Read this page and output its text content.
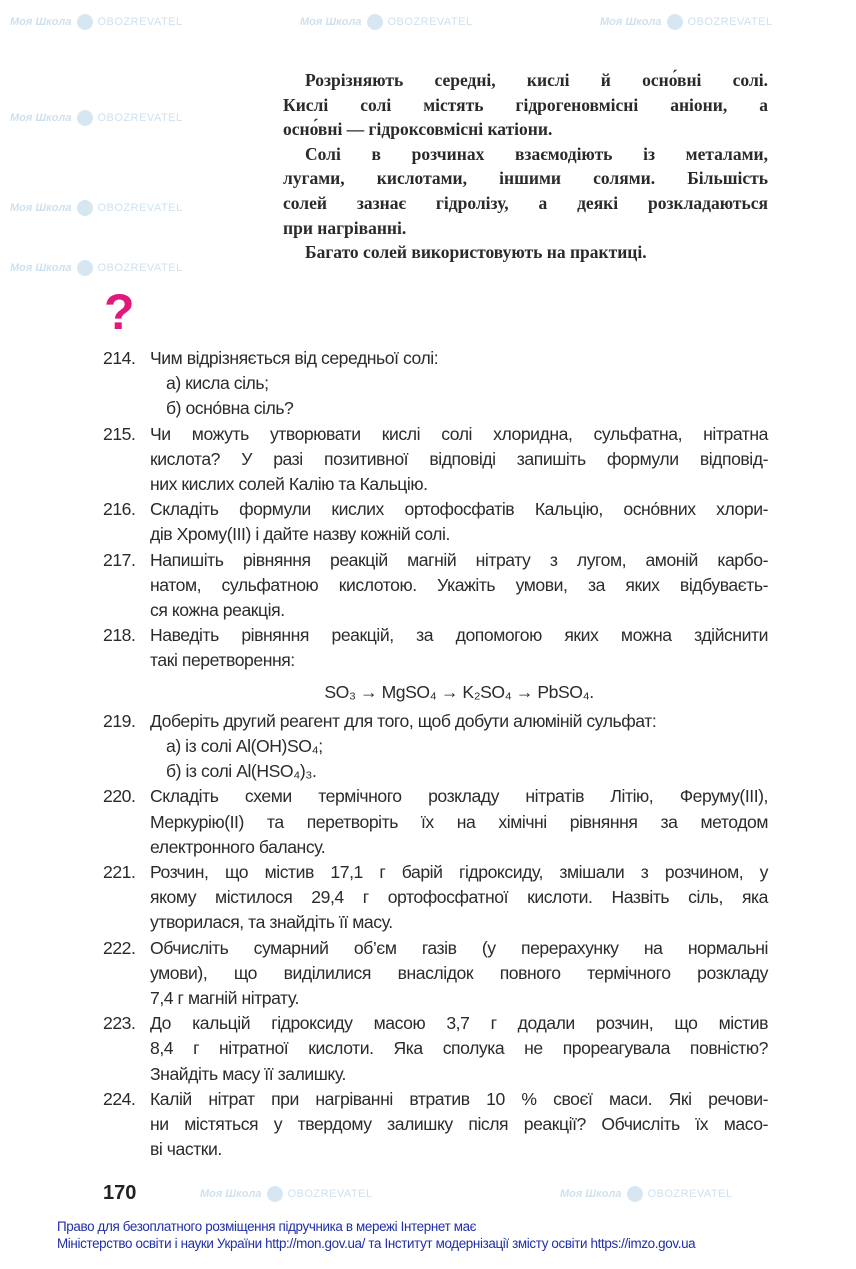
Моя Школа OBOZREVATEL	Моя Школа OBOZREVATEL	Моя Школа OBOZREVATEL
Моя Школа OBOZREVATEL
Моя Школа OBOZREVATEL
Моя Школа OBOZREVATEL
Моя Школа OBOZREVATEL	Моя Школа OBOZREVATEL
Розрізняють середні, кислі й осно́вні солі.
Кислі солі містять гідрогеновмісні аніони, а
осно́вні — гідроксовмісні катіони.
Солі в розчинах взаємодіють із металами,
лугами, кислотами, іншими солями. Більшість
солей зазнає гідролізу, а деякі розкладаються
при нагріванні.
Багато солей використовують на практиці.
?
214. Чим відрізняється від середньої солі:
а) кисла сіль;
б) осно́вна сіль?
215. Чи можуть утворювати кислі солі хлоридна, сульфатна, нітратна
кислота? У разі позитивної відповіді запишіть формули відповід-
них кислих солей Калію та Кальцію.
216. Складіть формули кислих ортофосфатів Кальцію, осно́вних хлори-
дів Хрому(III) і дайте назву кожній солі.
217. Напишіть рівняння реакцій магній нітрату з лугом, амоній карбо-
натом, сульфатною кислотою. Укажіть умови, за яких відбуваєть-
ся кожна реакція.
218. Наведіть рівняння реакцій, за допомогою яких можна здійснити
такі перетворення:
SO₃ → MgSO₄ → K₂SO₄ → PbSO₄.
219. Доберіть другий реагент для того, щоб добути алюміній сульфат:
а) із солі Al(OH)SO₄;
б) із солі Al(HSO₄)₃.
220. Складіть схеми термічного розкладу нітратів Літію, Феруму(III),
Меркурію(II) та перетворіть їх на хімічні рівняння за методом
електронного балансу.
221. Розчин, що містив 17,1 г барій гідроксиду, змішали з розчином, у
якому містилося 29,4 г ортофосфатної кислоти. Назвіть сіль, яка
утворилася, та знайдіть її масу.
222. Обчисліть сумарний об’єм газів (у перерахунку на нормальні
умови), що виділилися внаслідок повного термічного розкладу
7,4 г магній нітрату.
223. До кальцій гідроксиду масою 3,7 г додали розчин, що містив
8,4 г нітратної кислоти. Яка сполука не прореагувала повністю?
Знайдіть масу її залишку.
224. Калій нітрат при нагріванні втратив 10 % своєї маси. Які речови-
ни містяться у твердому залишку після реакції? Обчисліть їх масо-
ві частки.
170
Право для безоплатного розміщення підручника в мережі Інтернет має
Міністерство освіти і науки України http://mon.gov.ua/ та Інститут модернізації змісту освіти https://imzo.gov.ua
